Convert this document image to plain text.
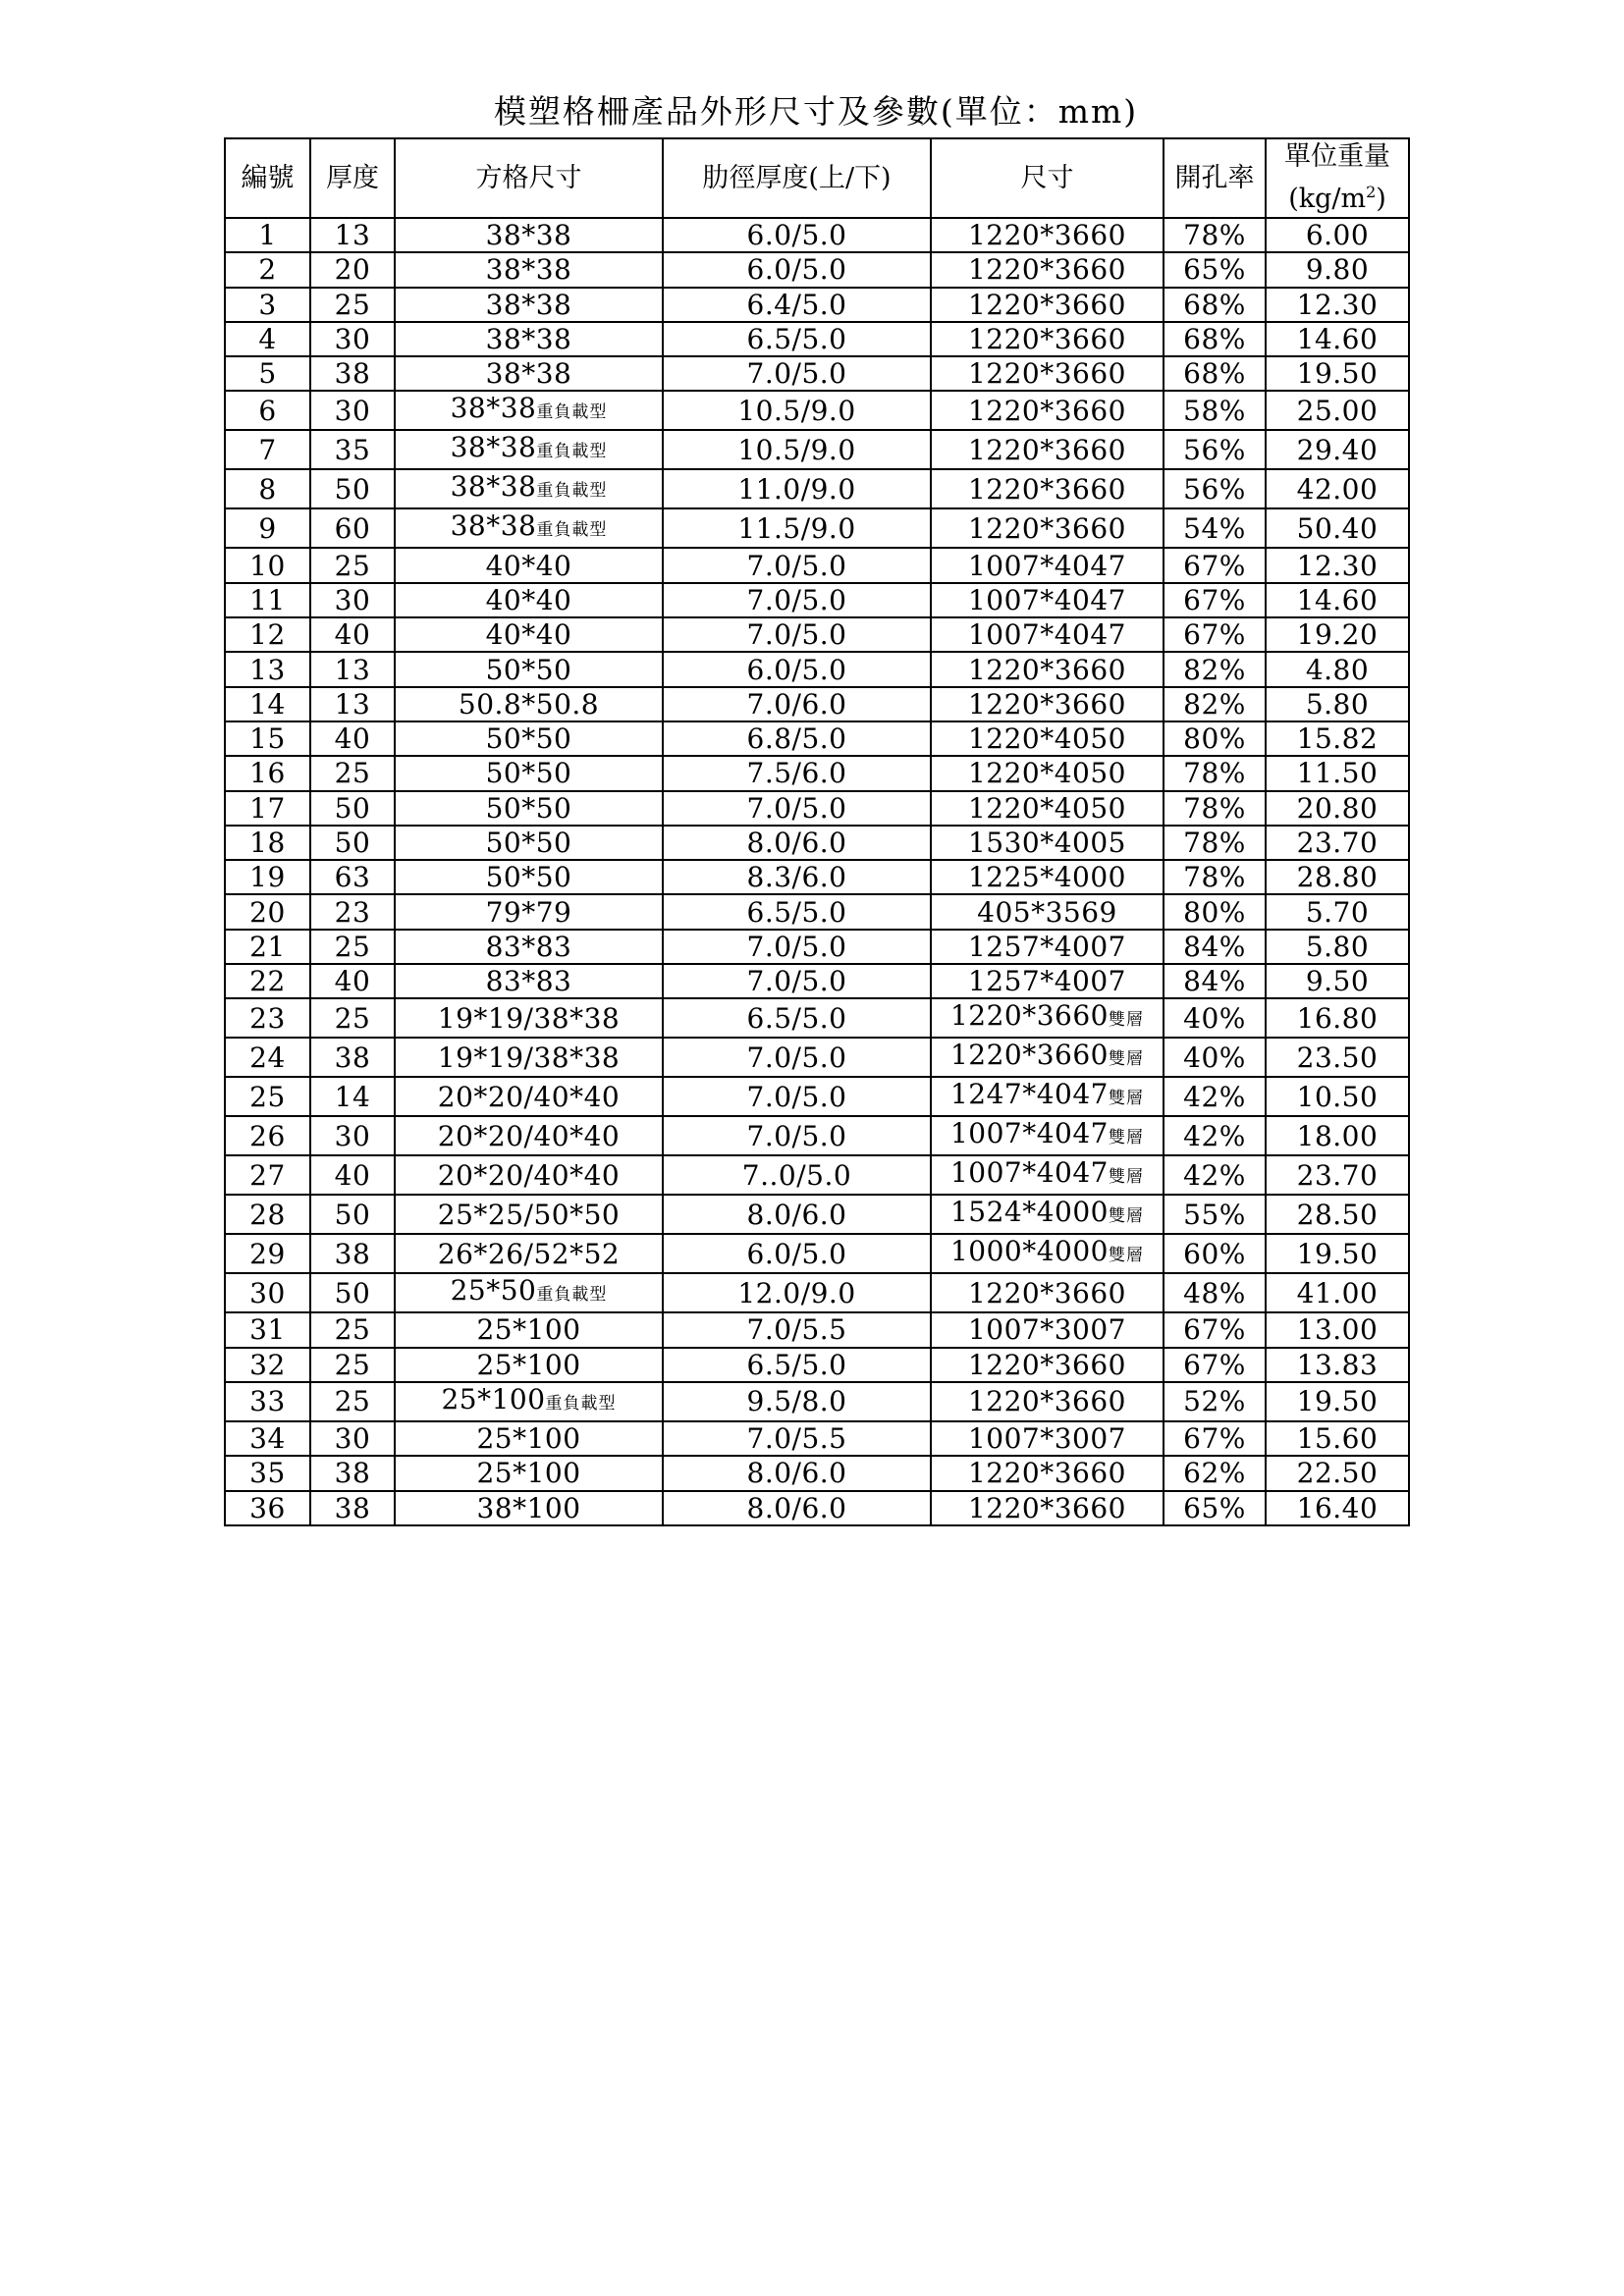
模塑格柵產品外形尺寸及參數(單位：mm)
編號	厚度	方格尺寸	肋徑厚度(上/下)	尺寸	開孔率	單位重量
$(kg/m^2)$

1	13	38*38	6.0/5.0	1220*3660	78%	6.00
2	20	38*38	6.0/5.0	1220*3660	65%	9.80
3	25	38*38	6.4/5.0	1220*3660	68%	12.30
4	30	38*38	6.5/5.0	1220*3660	68%	14.60
5	38	38*38	7.0/5.0	1220*3660	68%	19.50
6	30	38*38重負載型	10.5/9.0	1220*3660	58%	25.00
7	35	38*38重負載型	10.5/9.0	1220*3660	56%	29.40
8	50	38*38重負載型	11.0/9.0	1220*3660	56%	42.00
9	60	38*38重負載型	11.5/9.0	1220*3660	54%	50.40
10	25	40*40	7.0/5.0	1007*4047	67%	12.30
11	30	40*40	7.0/5.0	1007*4047	67%	14.60
12	40	40*40	7.0/5.0	1007*4047	67%	19.20
13	13	50*50	6.0/5.0	1220*3660	82%	4.80
14	13	50.8*50.8	7.0/6.0	1220*3660	82%	5.80
15	40	50*50	6.8/5.0	1220*4050	80%	15.82
16	25	50*50	7.5/6.0	1220*4050	78%	11.50
17	50	50*50	7.0/5.0	1220*4050	78%	20.80
18	50	50*50	8.0/6.0	1530*4005	78%	23.70
19	63	50*50	8.3/6.0	1225*4000	78%	28.80
20	23	79*79	6.5/5.0	405*3569	80%	5.70
21	25	83*83	7.0/5.0	1257*4007	84%	5.80
22	40	83*83	7.0/5.0	1257*4007	84%	9.50
23	25	19*19/38*38	6.5/5.0	1220*3660雙層	40%	16.80
24	38	19*19/38*38	7.0/5.0	1220*3660雙層	40%	23.50
25	14	20*20/40*40	7.0/5.0	1247*4047雙層	42%	10.50
26	30	20*20/40*40	7.0/5.0	1007*4047雙層	42%	18.00
27	40	20*20/40*40	7..0/5.0	1007*4047雙層	42%	23.70
28	50	25*25/50*50	8.0/6.0	1524*4000雙層	55%	28.50
29	38	26*26/52*52	6.0/5.0	1000*4000雙層	60%	19.50
30	50	25*50重負載型	12.0/9.0	1220*3660	48%	41.00
31	25	25*100	7.0/5.5	1007*3007	67%	13.00
32	25	25*100	6.5/5.0	1220*3660	67%	13.83
33	25	25*100重負載型	9.5/8.0	1220*3660	52%	19.50
34	30	25*100	7.0/5.5	1007*3007	67%	15.60
35	38	25*100	8.0/6.0	1220*3660	62%	22.50
36	38	38*100	8.0/6.0	1220*3660	65%	16.40
